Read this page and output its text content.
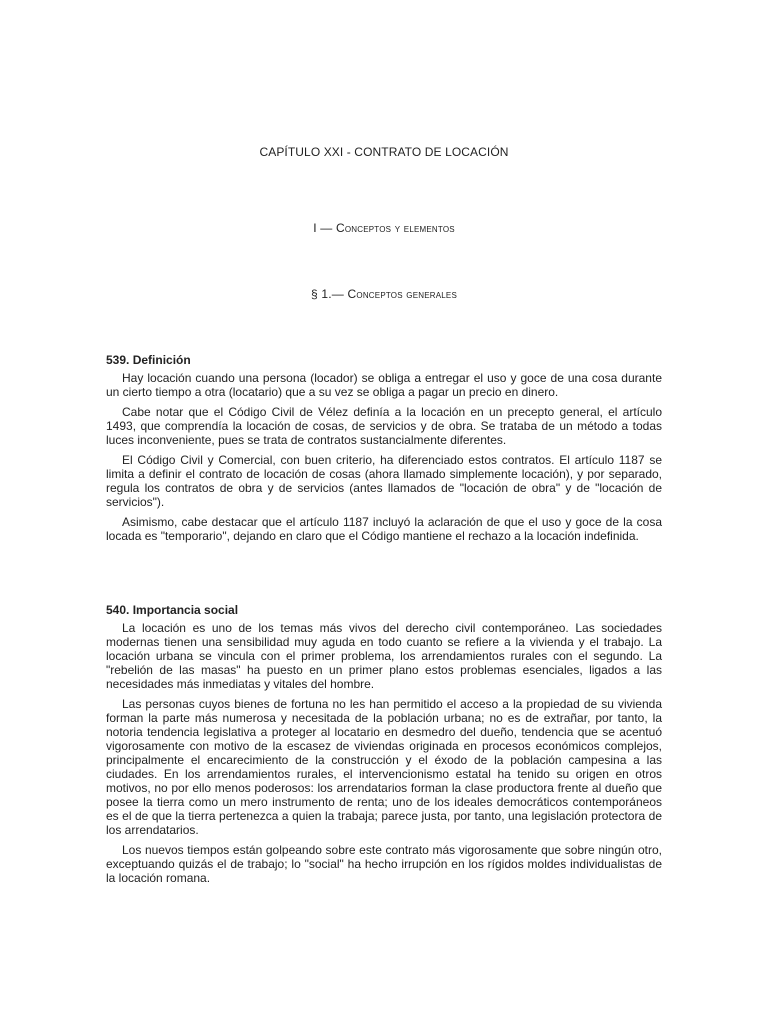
CAPÍTULO XXI - CONTRATO DE LOCACIÓN
I — Conceptos y elementos
§ 1.— Conceptos generales
539. Definición

Hay locación cuando una persona (locador) se obliga a entregar el uso y goce de una cosa durante un cierto tiempo a otra (locatario) que a su vez se obliga a pagar un precio en dinero.

Cabe notar que el Código Civil de Vélez definía a la locación en un precepto general, el artículo 1493, que comprendía la locación de cosas, de servicios y de obra. Se trataba de un método a todas luces inconveniente, pues se trata de contratos sustancialmente diferentes.

El Código Civil y Comercial, con buen criterio, ha diferenciado estos contratos. El artículo 1187 se limita a definir el contrato de locación de cosas (ahora llamado simplemente locación), y por separado, regula los contratos de obra y de servicios (antes llamados de "locación de obra" y de "locación de servicios").

Asimismo, cabe destacar que el artículo 1187 incluyó la aclaración de que el uso y goce de la cosa locada es "temporario", dejando en claro que el Código mantiene el rechazo a la locación indefinida.

540. Importancia social

La locación es uno de los temas más vivos del derecho civil contemporáneo. Las sociedades modernas tienen una sensibilidad muy aguda en todo cuanto se refiere a la vivienda y el trabajo. La locación urbana se vincula con el primer problema, los arrendamientos rurales con el segundo. La "rebelión de las masas" ha puesto en un primer plano estos problemas esenciales, ligados a las necesidades más inmediatas y vitales del hombre.

Las personas cuyos bienes de fortuna no les han permitido el acceso a la propiedad de su vivienda forman la parte más numerosa y necesitada de la población urbana; no es de extrañar, por tanto, la notoria tendencia legislativa a proteger al locatario en desmedro del dueño, tendencia que se acentuó vigorosamente con motivo de la escasez de viviendas originada en procesos económicos complejos, principalmente el encarecimiento de la construcción y el éxodo de la población campesina a las ciudades. En los arrendamientos rurales, el intervencionismo estatal ha tenido su origen en otros motivos, no por ello menos poderosos: los arrendatarios forman la clase productora frente al dueño que posee la tierra como un mero instrumento de renta; uno de los ideales democráticos contemporáneos es el de que la tierra pertenezca a quien la trabaja; parece justa, por tanto, una legislación protectora de los arrendatarios.

Los nuevos tiempos están golpeando sobre este contrato más vigorosamente que sobre ningún otro, exceptuando quizás el de trabajo; lo "social" ha hecho irrupción en los rígidos moldes individualistas de la locación romana.
